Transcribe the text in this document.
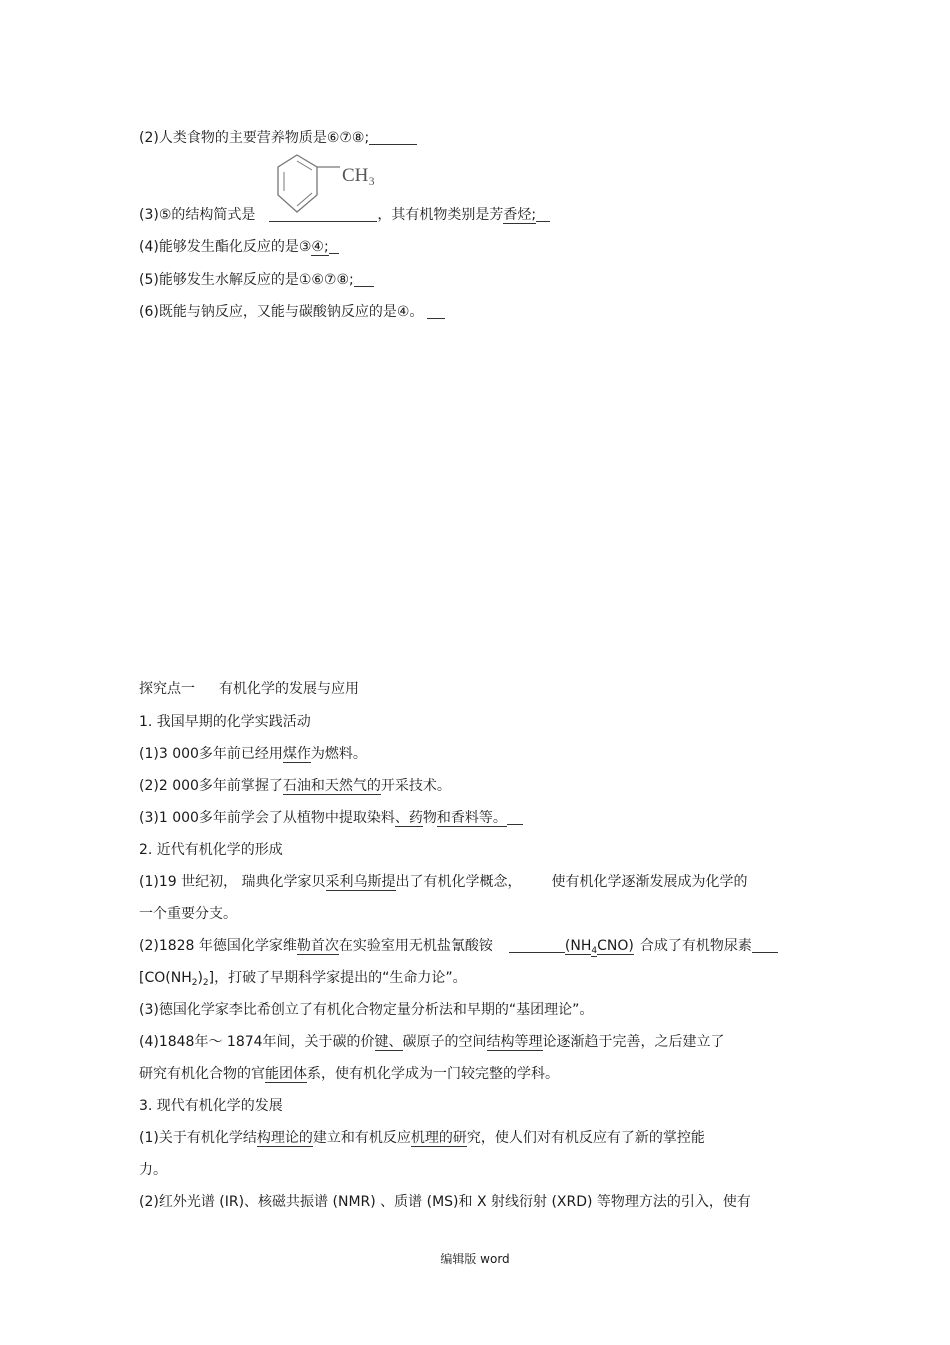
(2)人类食物的主要营养物质是⑥⑦⑧;
CH₃
(3)⑤的结构简式是	，其有机物类别是芳香烃;
(4)能够发生酯化反应的是③④;
(5)能够发生水解反应的是①⑥⑦⑧;
(6)既能与钠反应，又能与碳酸钠反应的是④。
探究点一 有机化学的发展与应用
1. 我国早期的化学实践活动
(1)3 000多年前已经用煤作为燃料。
(2)2 000多年前掌握了石油和天然气的开采技术。
(3)1 000多年前学会了从植物中提取染料、药物和香料等。
2. 近代有机化学的形成
(1)19 世纪初， 瑞典化学家贝采利乌斯提出了有机化学概念， 使有机化学逐渐发展成为化学的
一个重要分支。
(2)1828 年德国化学家维勒首次在实验室用无机盐氰酸铵	$(NH_4CNO)$ 合成了有机物尿素
$[CO(NH_2)_2]$，打破了早期科学家提出的“生命力论”。
(3)德国化学家李比希创立了有机化合物定量分析法和早期的“基团理论”。
(4)1848年～ 1874年间，关于碳的价键、碳原子的空间结构等理论逐渐趋于完善，之后建立了
研究有机化合物的官能团体系，使有机化学成为一门较完整的学科。
3. 现代有机化学的发展
(1)关于有机化学结构理论的建立和有机反应机理的研究，使人们对有机反应有了新的掌控能
力。
(2)红外光谱 (IR)、核磁共振谱 (NMR) 、质谱 (MS)和 X 射线衍射 (XRD) 等物理方法的引入，使有
编辑版 word
